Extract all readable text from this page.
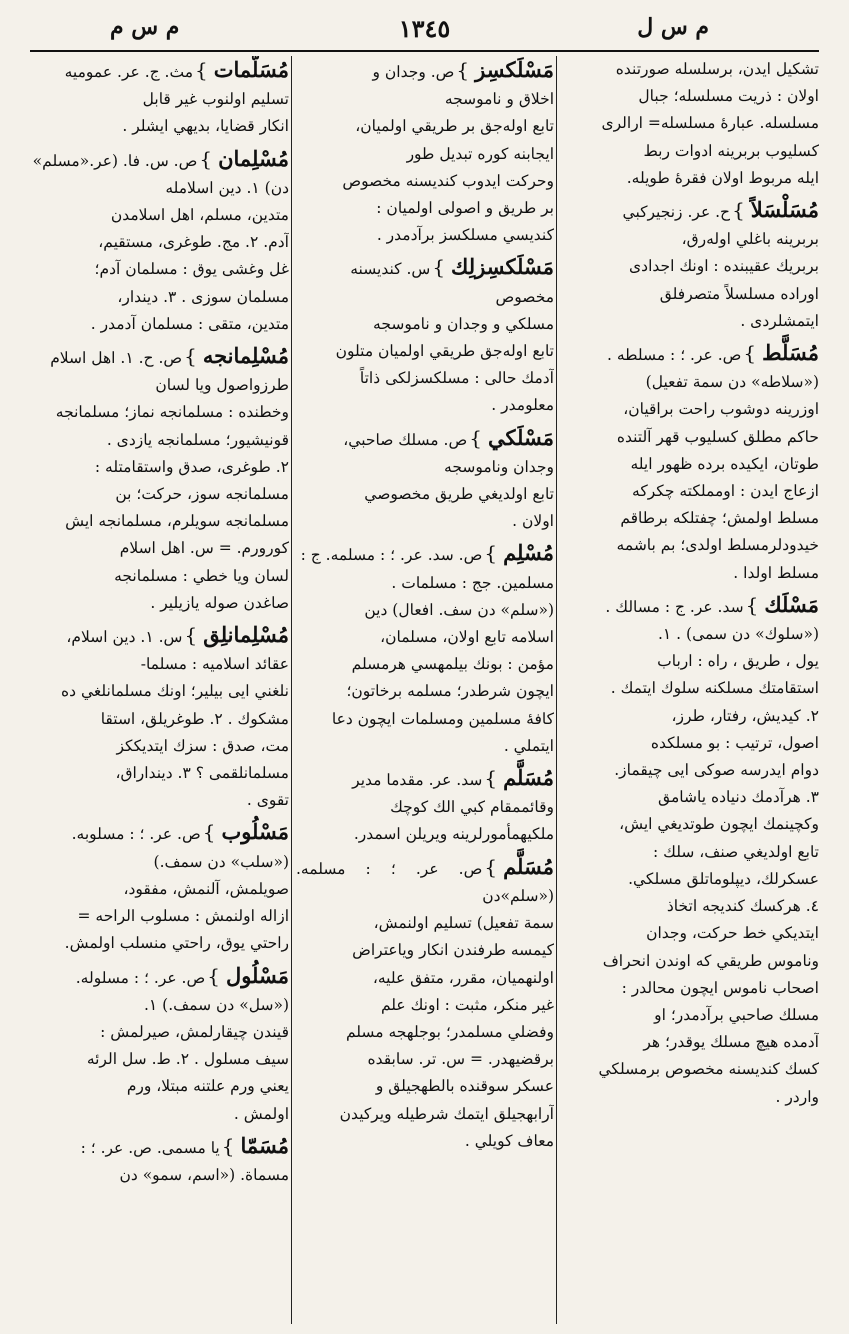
م س ل
١٣٤٥
م س م
تشكيل ايدن، برسلسله صورتنده
اولان : ذريت مسلسله؛ جبال
مسلسله. عبارهٔ مسلسله= ارالرى
كسليوب بربرينه ادوات ربط
ايله مربوط اولان فقرهٔ طويله.
مُسَلْسَلاً}ح. عر. زنجيركبي
بربرينه باغلي اولەرق،
بربريك عقيبنده : اونك اجدادى
اوراده مسلسلاً متصرفلق
ايتمشلردى .
مُسَلَّط}ص. عر. ؛ : مسلطه .
(«سلاطه» دن سمة تفعيل)
اوزرينه دوشوب راحت براقيان،
حاكم مطلق كسليوب قهر آلتنده
طوتان، ايكيده برده ظهور ايله
ازعاج ايدن : اومملكته چكركه
مسلط اولمش؛ چفتلكه برطاقم
خيدودلرمسلط اولدى؛ بم باشمه
مسلط اولدا .
مَسْلَك}سد. عر. ج : مسالك .
(«سلوك» دن سمى) . ١.
يول ، طريق ، راه : ارباب
استقامتك مسلكنه سلوك ايتمك .
٢. كيديش، رفتار، طرز،
اصول، ترتيب : بو مسلكده
دوام ايدرسه صوكى ايى چيقماز.
٣. هرآدمك دنياده ياشامق
وكچينمك ايچون طوتديغي ايش،
تابع اولديغي صنف، سلك :
عسكرلك، ديپلوماتلق مسلكي.
٤. هركسك كنديجه اتخاذ
ايتديكي خط حركت، وجدان
وناموس طريقي كه اوندن انحراف
اصحاب ناموس ايچون محالدر :
مسلك صاحبي برآدمدر؛ او
آدمده هيچ مسلك يوقدر؛ هر
كسك كنديسنه مخصوص برمسلكي
واردر .
مَسْلَكسِز}ص. وجدان و
اخلاق و ناموسجه
تابع اولەجق بر طريقي اولميان،
ايجابنه كوره تبديل طور
وحركت ايدوب كنديسنه مخصوص
بر طريق و اصولى اولميان :
كنديسي مسلكسز برآدمدر .
مَسْلَكسِزلِك}س. كنديسنه
مخصوص
مسلكي و وجدان و ناموسجه
تابع اولەجق طريقي اولميان متلون
آدمك حالى : مسلكسزلكى ذاتاً
معلومدر .
مَسْلَكي}ص. مسلك صاحبي،
وجدان وناموسجه
تابع اولديغي طريق مخصوصي
اولان .
مُسْلِم}ص. سد. عر. ؛ : مسلمه. ج :
مسلمين. جج : مسلمات .
(«سلم» دن سف. افعال) دين
اسلامه تابع اولان، مسلمان،
مؤمن : بونك بيلمهسي هرمسلم
ايچون شرطدر؛ مسلمه برخاتون؛
كافهٔ مسلمين ومسلمات ايچون دعا
ايتملي .
مُسَلَّم}سد. عر. مقدما مدير
وقائممقام كبي الك كوچك
ملكيهمأمورلرينه ويريلن اسمدر.
مُسَلَّم}ص. عر. ؛ : مسلمه. («سلم»دن
سمة تفعيل) تسليم اولنمش،
كيمسه طرفندن انكار وياعتراض
اولنهميان، مقرر، متفق عليه،
غير منكر، مثبت : اونك علم
وفضلي مسلمدر؛ بوجلهجه مسلم
برقضيهدر. = س. تر. سابقده
عسكر سوقنده بالطهجيلق و
آرابهجيلق ايتمك شرطيله ويركيدن
معاف كويلي .
مُسَلَّمات}مث. ج. عر. عموميه
تسليم اولنوب غير قابل
انكار قضايا، بديهي ايشلر .
مُسْلِمان}ص. س. فا. (عر.«مسلم»
دن) ١. دين اسلامله
متدين، مسلم، اهل اسلامدن
آدم. ٢. مج. طوغرى، مستقيم،
غل وغشى يوق : مسلمان آدم؛
مسلمان سوزى . ٣. ديندار،
متدين، متقى : مسلمان آدمدر .
مُسْلِمانجه}ص. ح. ١. اهل اسلام
طرزواصول ويا لسان
وخطنده : مسلمانجه نماز؛ مسلمانجه
قونيشيور؛ مسلمانجه يازدى .
٢. طوغرى، صدق واستقامتله :
مسلمانجه سوز، حركت؛ بن
مسلمانجه سويلرم، مسلمانجه ايش
كورورم. = س. اهل اسلام
لسان ويا خطي : مسلمانجه
صاغدن صوله يازيلير .
مُسْلِمانلِق}س. ١. دين اسلام،
عقائد اسلاميه : مسلما-
نلغني ايى بيلير؛ اونك مسلمانلغي ده
مشكوك . ٢. طوغريلق، استقا
مت، صدق : سزك ايتديككز
مسلمانلقمى ؟ ٣. دينداراق،
تقوى .
مَسْلُوب}ص. عر. ؛ : مسلوبه.
(«سلب» دن سمف.)
صويلمش، آلنمش، مفقود،
ازاله اولنمش : مسلوب الراحه =
راحتي يوق، راحتي منسلب اولمش.
مَسْلُول}ص. عر. ؛ : مسلوله.
(«سل» دن سمف.) ١.
قيندن چيقارلمش، صيرلمش :
سيف مسلول . ٢. ط. سل الرئه
يعني ورم علتنه مبتلا، ورم
اولمش .
مُسَمّا}يا مسمى. ص. عر. ؛ :
مسماة. («اسم، سمو» دن
